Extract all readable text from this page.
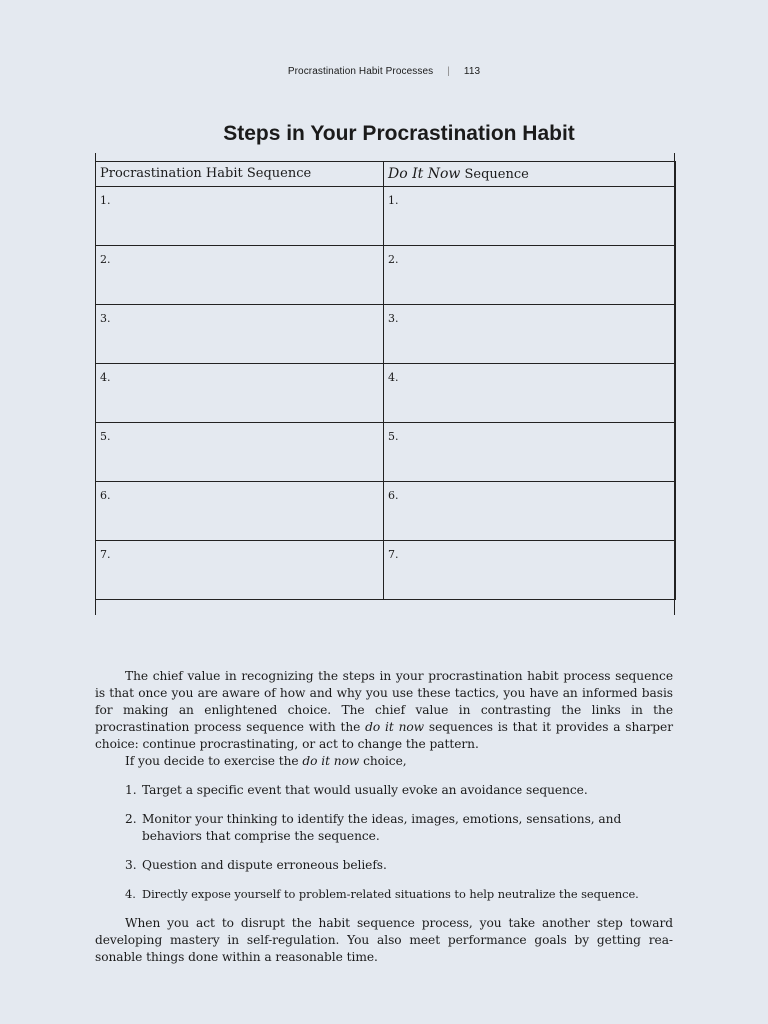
Procrastination Habit Processes | 113
Steps in Your Procrastination Habit
Procrastination Habit Sequence	Do It Now Sequence
1.	1.
2.	2.
3.	3.
4.	4.
5.	5.
6.	6.
7.	7.

The chief value in recognizing the steps in your procrastination habit process sequence is that once you are aware of how and why you use these tactics, you have an informed basis for making an enlightened choice. The chief value in contrasting the links in the procrastination process sequence with the do it now sequences is that it provides a sharper choice: continue procrastinating, or act to change the pattern.

If you decide to exercise the do it now choice,

1. Target a specific event that would usually evoke an avoidance sequence.
2. Monitor your thinking to identify the ideas, images, emotions, sensations, and behaviors that comprise the sequence.
3. Question and dispute erroneous beliefs.
4. Directly expose yourself to problem-related situations to help neutralize the sequence.

When you act to disrupt the habit sequence process, you take another step toward developing mastery in self-regulation. You also meet performance goals by getting rea-sonable things done within a reasonable time.
